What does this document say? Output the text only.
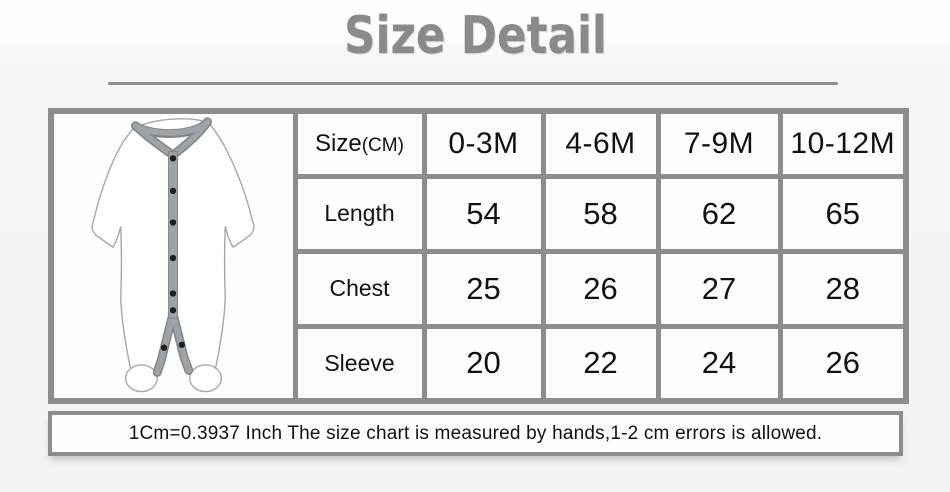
Size Detail
	Size(CM)	0-3M	4-6M	7-9M	10-12M
	Length	54	58	62	65
	Chest	25	26	27	28
	Sleeve	20	22	24	26
1Cm=0.3937 Inch The size chart is measured by hands,1-2 cm errors is allowed.
